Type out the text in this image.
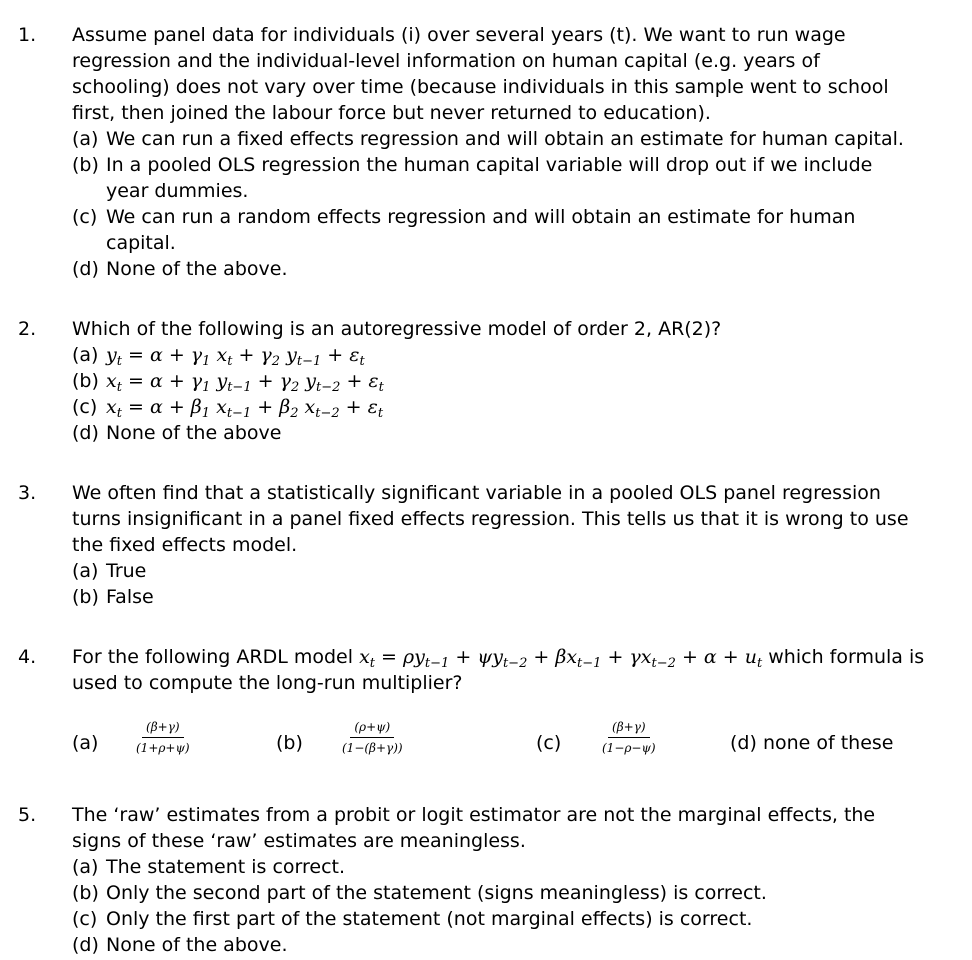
1. Assume panel data for individuals (i) over several years (t). We want to run wage
regression and the individual-level information on human capital (e.g. years of
schooling) does not vary over time (because individuals in this sample went to school
first, then joined the labour force but never returned to education).
(a) We can run a fixed effects regression and will obtain an estimate for human capital.
(b) In a pooled OLS regression the human capital variable will drop out if we include
year dummies.
(c) We can run a random effects regression and will obtain an estimate for human
capital.
(d) None of the above.
2. Which of the following is an autoregressive model of order 2, AR(2)?
(a) $y_t = \alpha + \gamma_1$ $x_t + \gamma_2$ $y_{t-1} + \varepsilon_t$
(b) $x_t = \alpha + \gamma_1$ $y_{t-1} + \gamma_2$ $y_{t-2} + \varepsilon_t$
(c) $x_t = \alpha + \beta_1$ $x_{t-1} + \beta_2$ $x_{t-2} + \varepsilon_t$
(d) None of the above
3. We often find that a statistically significant variable in a pooled OLS panel regression
turns insignificant in a panel fixed effects regression. This tells us that it is wrong to use
the fixed effects model.
(a) True
(b) False
4. For the following ARDL model $x_t = \rho y_{t-1} + \psi y_{t-2} + \beta x_{t-1} + \gamma x_{t-2} + \alpha + u_t$ which formula is
used to compute the long-run multiplier?
(a)	$\frac{(\beta+\gamma)}{(1+\rho+\psi)}$	(b)	$\frac{(\rho+\psi)}{(1-(\beta+\gamma))}$	(c)	$\frac{(\beta+\gamma)}{(1-\rho-\psi)}$	(d) none of these
5. The ‘raw’ estimates from a probit or logit estimator are not the marginal effects, the
signs of these ‘raw’ estimates are meaningless.
(a) The statement is correct.
(b) Only the second part of the statement (signs meaningless) is correct.
(c) Only the first part of the statement (not marginal effects) is correct.
(d) None of the above.
